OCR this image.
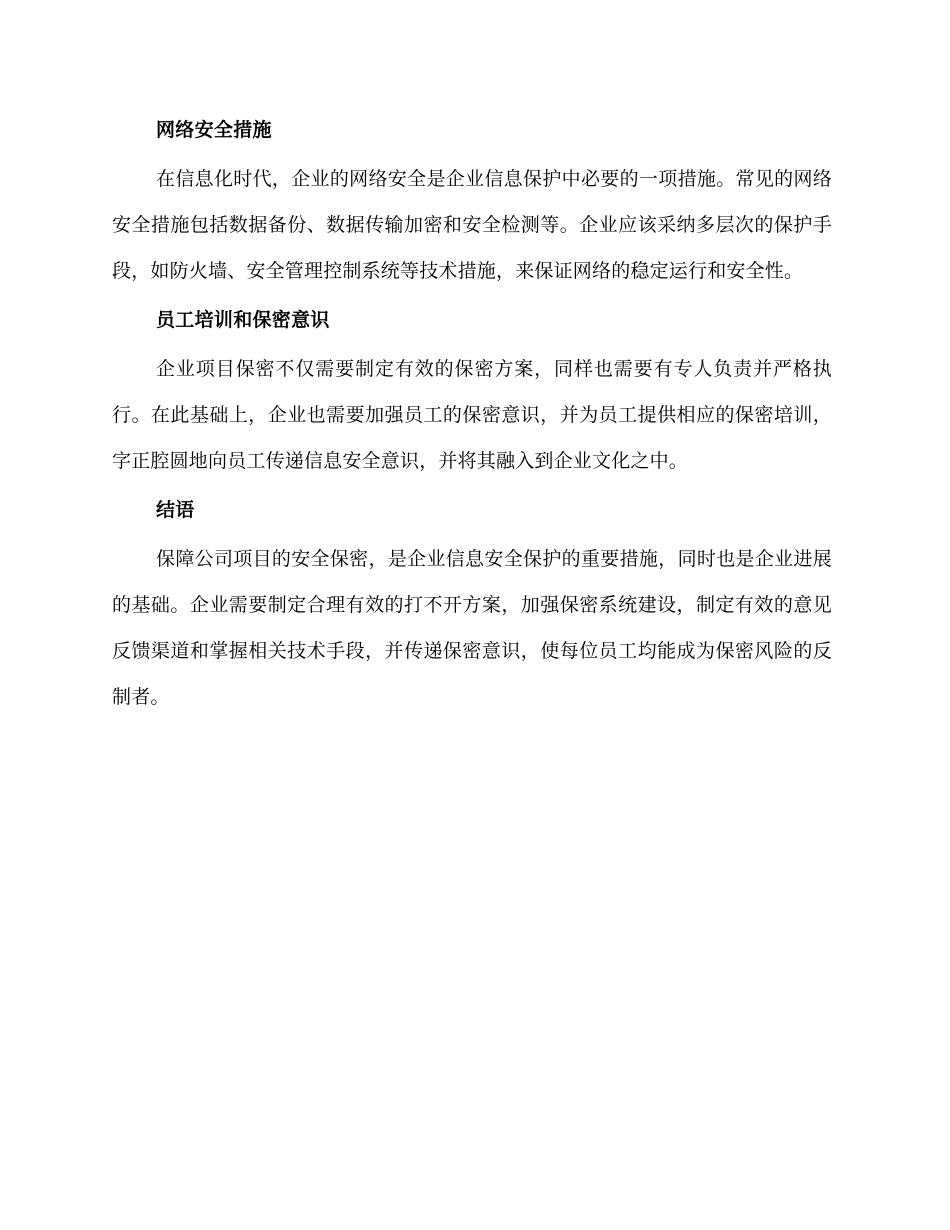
网络安全措施

在信息化时代，企业的网络安全是企业信息保护中必要的一项措施。常见的网络安全措施包括数据备份、数据传输加密和安全检测等。企业应该采纳多层次的保护手段，如防火墙、安全管理控制系统等技术措施，来保证网络的稳定运行和安全性。

员工培训和保密意识

企业项目保密不仅需要制定有效的保密方案，同样也需要有专人负责并严格执行。在此基础上，企业也需要加强员工的保密意识，并为员工提供相应的保密培训，字正腔圆地向员工传递信息安全意识，并将其融入到企业文化之中。

结语

保障公司项目的安全保密，是企业信息安全保护的重要措施，同时也是企业进展的基础。企业需要制定合理有效的打不开方案，加强保密系统建设，制定有效的意见反馈渠道和掌握相关技术手段，并传递保密意识，使每位员工均能成为保密风险的反制者。
